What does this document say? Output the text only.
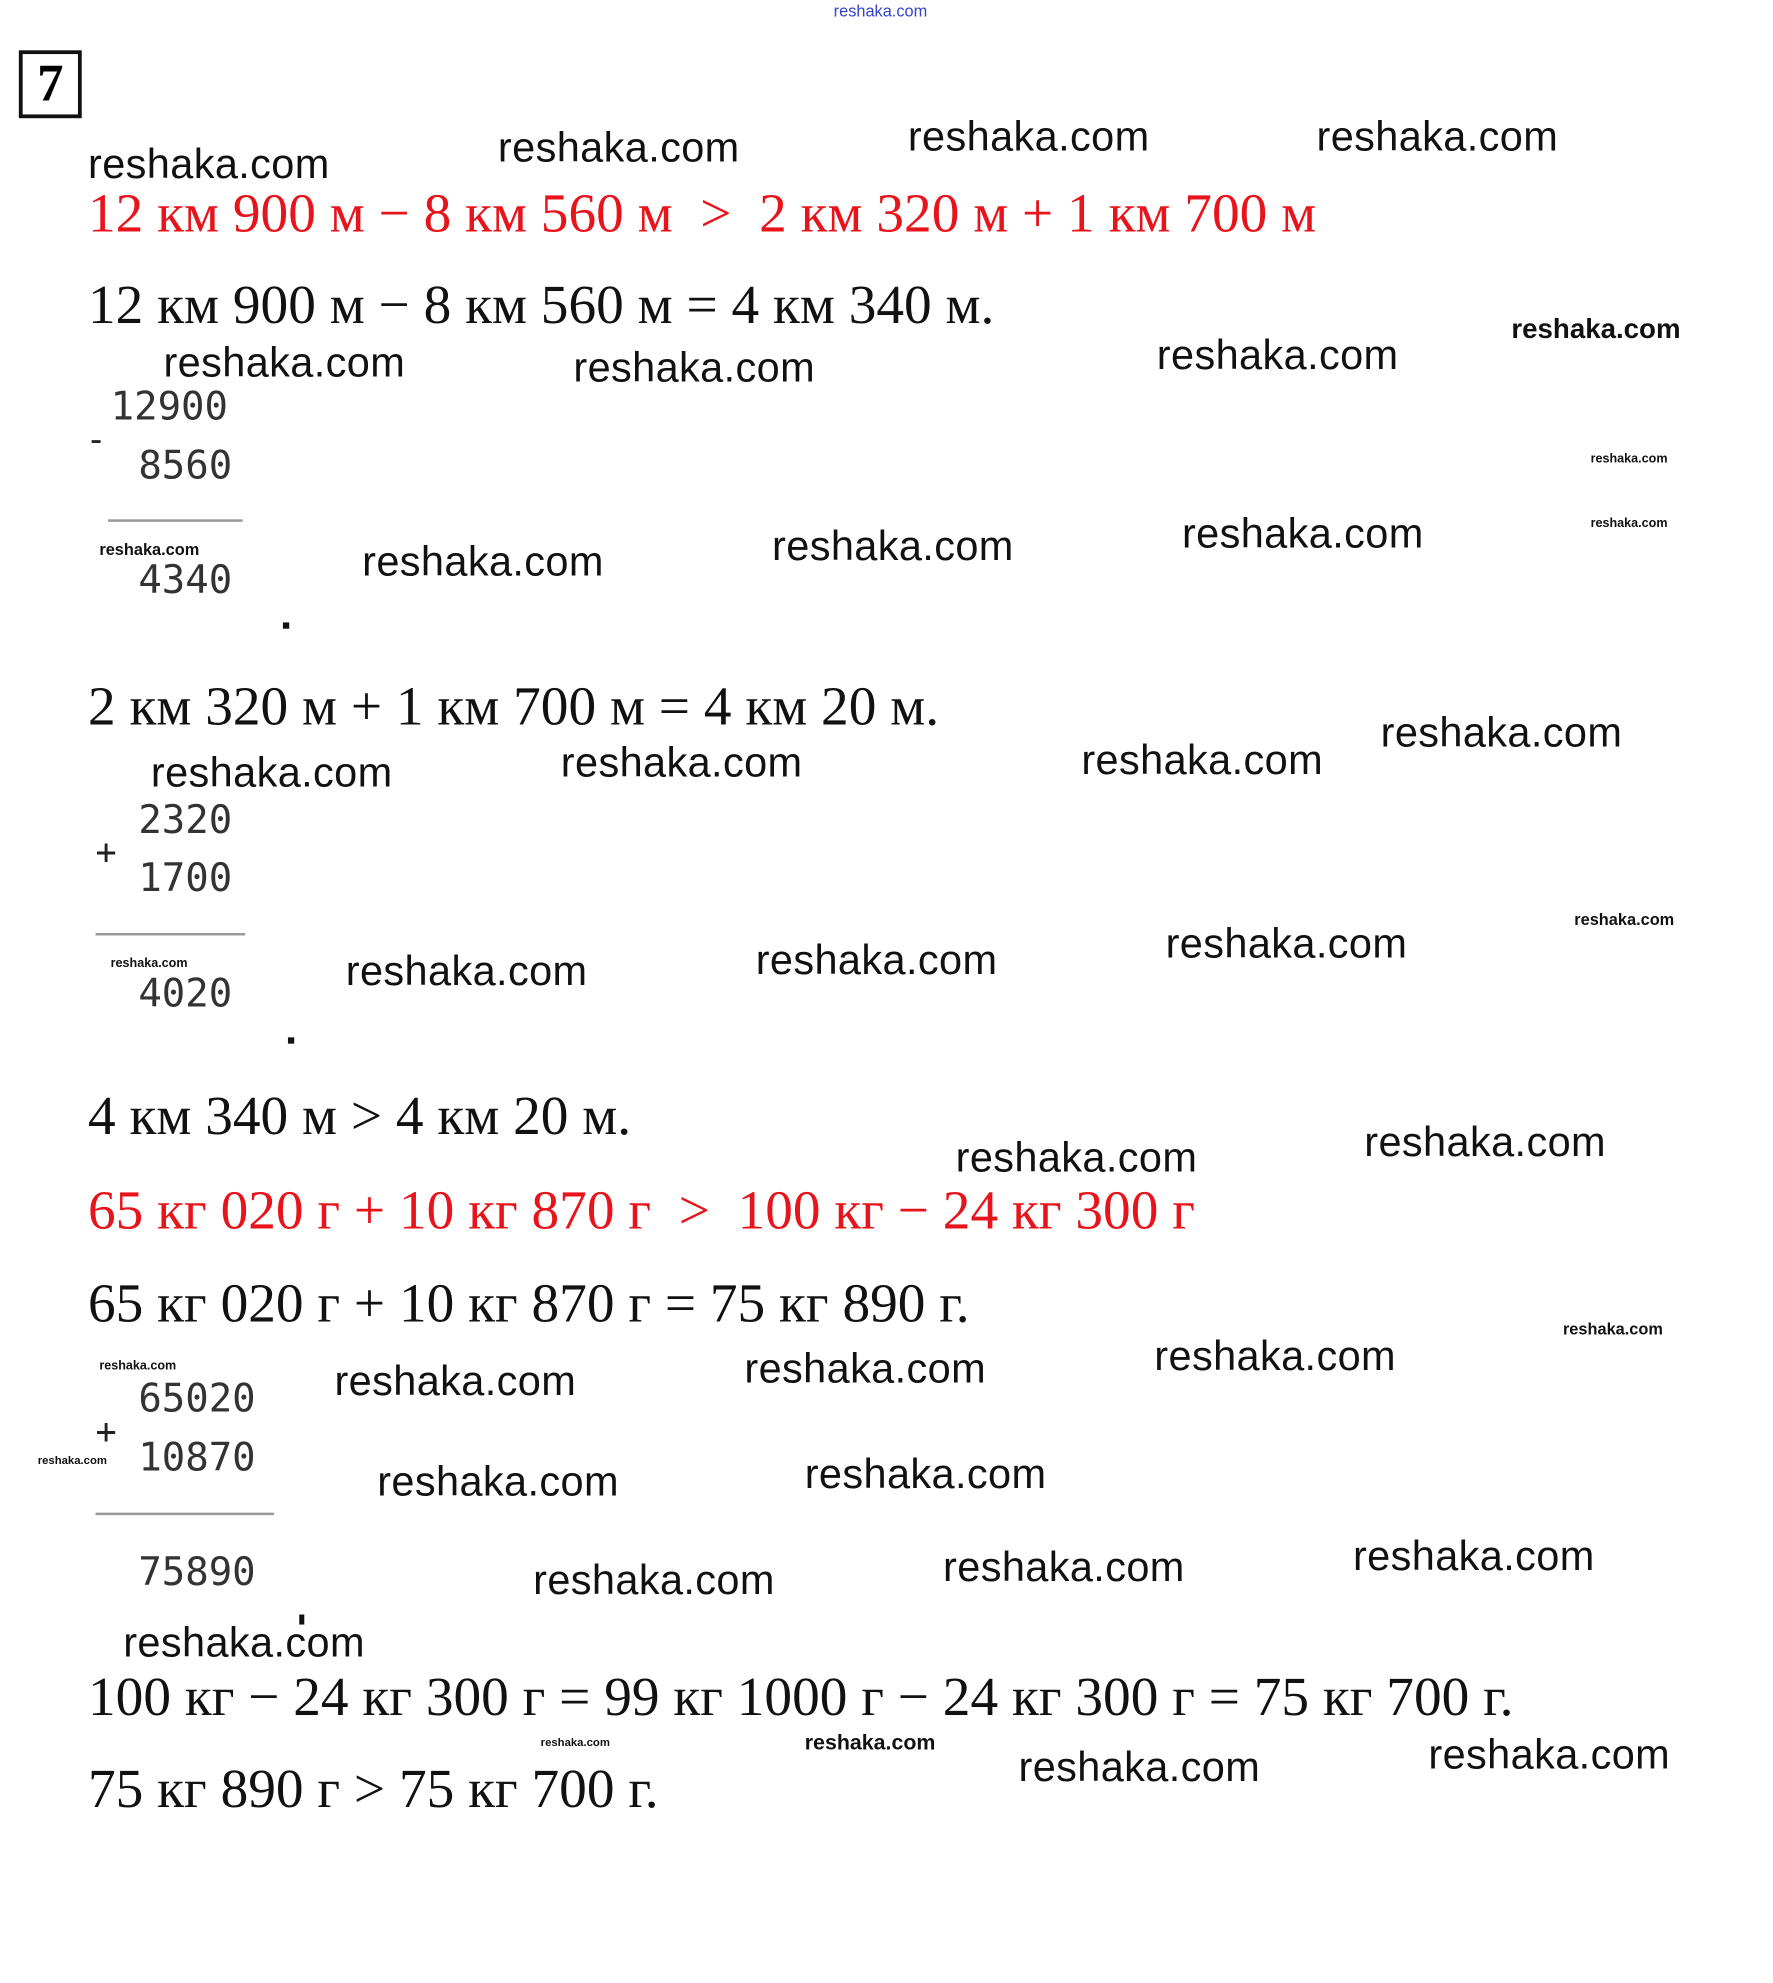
reshaka.com
7
12 км 900 м − 8 км 560 м  >  2 км 320 м + 1 км 700 м
65 кг 020 г + 10 кг 870 г  >  100 кг − 24 кг 300 г
12 км 900 м − 8 км 560 м = 4 км 340 м.
2 км 320 м + 1 км 700 м = 4 км 20 м.
4 км 340 м > 4 км 20 м.
65 кг 020 г + 10 кг 870 г = 75 кг 890 г.
100 кг − 24 кг 300 г = 99 кг 1000 г − 24 кг 300 г = 75 кг 700 г.
75 кг 890 г > 75 кг 700 г.
12900
-
8560
4340
2320
+
1700
4020
65020
+
10870
75890
reshaka.com	reshaka.com	reshaka.com	reshaka.com
reshaka.com
reshaka.com
reshaka.com	reshaka.com
reshaka.com
reshaka.com
reshaka.com	reshaka.com	reshaka.com	reshaka.com
reshaka.com	reshaka.com	reshaka.com
reshaka.com
reshaka.com
reshaka.com	reshaka.com	reshaka.com	reshaka.com
reshaka.com	reshaka.com
reshaka.com	reshaka.com
reshaka.com
reshaka.com	reshaka.com	reshaka.com	reshaka.com
reshaka.com
reshaka.com	reshaka.com	reshaka.com
reshaka.com
reshaka.com	reshaka.com
reshaka.com
reshaka.com
